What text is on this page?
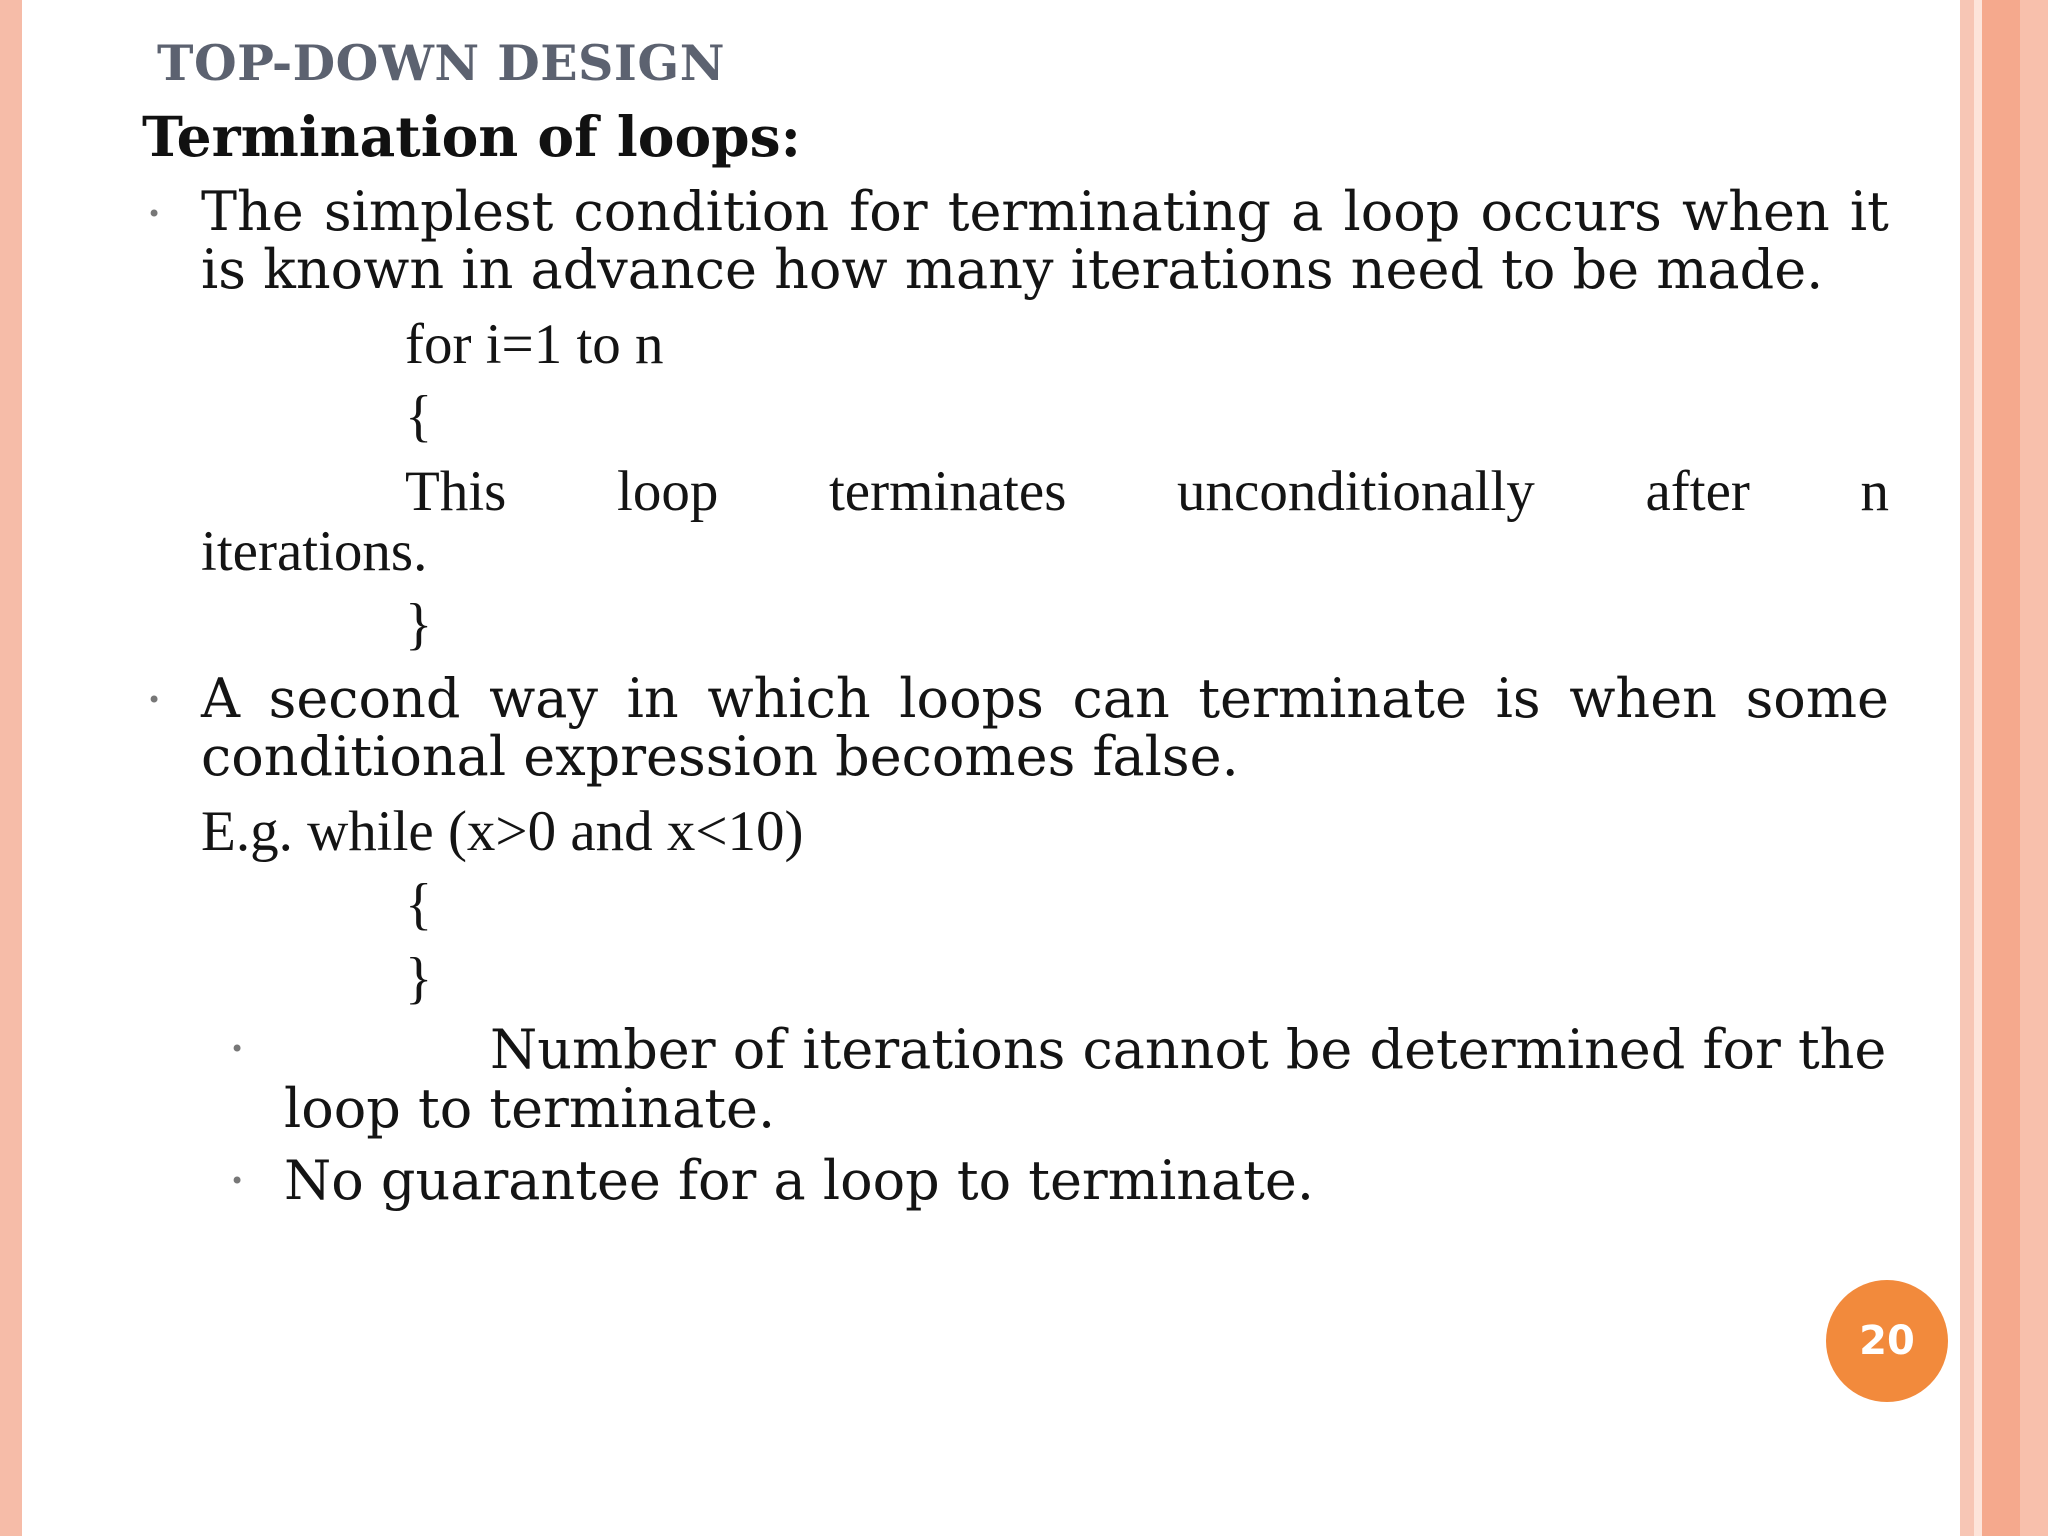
TOP-DOWN DESIGN
Termination of loops:
• The simplest condition for terminating a loop occurs when it
is known in advance how many iterations need to be made.
for i=1 to n
{
This loop terminates unconditionally after n
iterations.
}
• A second way in which loops can terminate is when some
conditional expression becomes false.
E.g. while (x>0 and x<10)
{
}
•	Number of iterations cannot be determined for the
loop to terminate.
• No guarantee for a loop to terminate.
20
